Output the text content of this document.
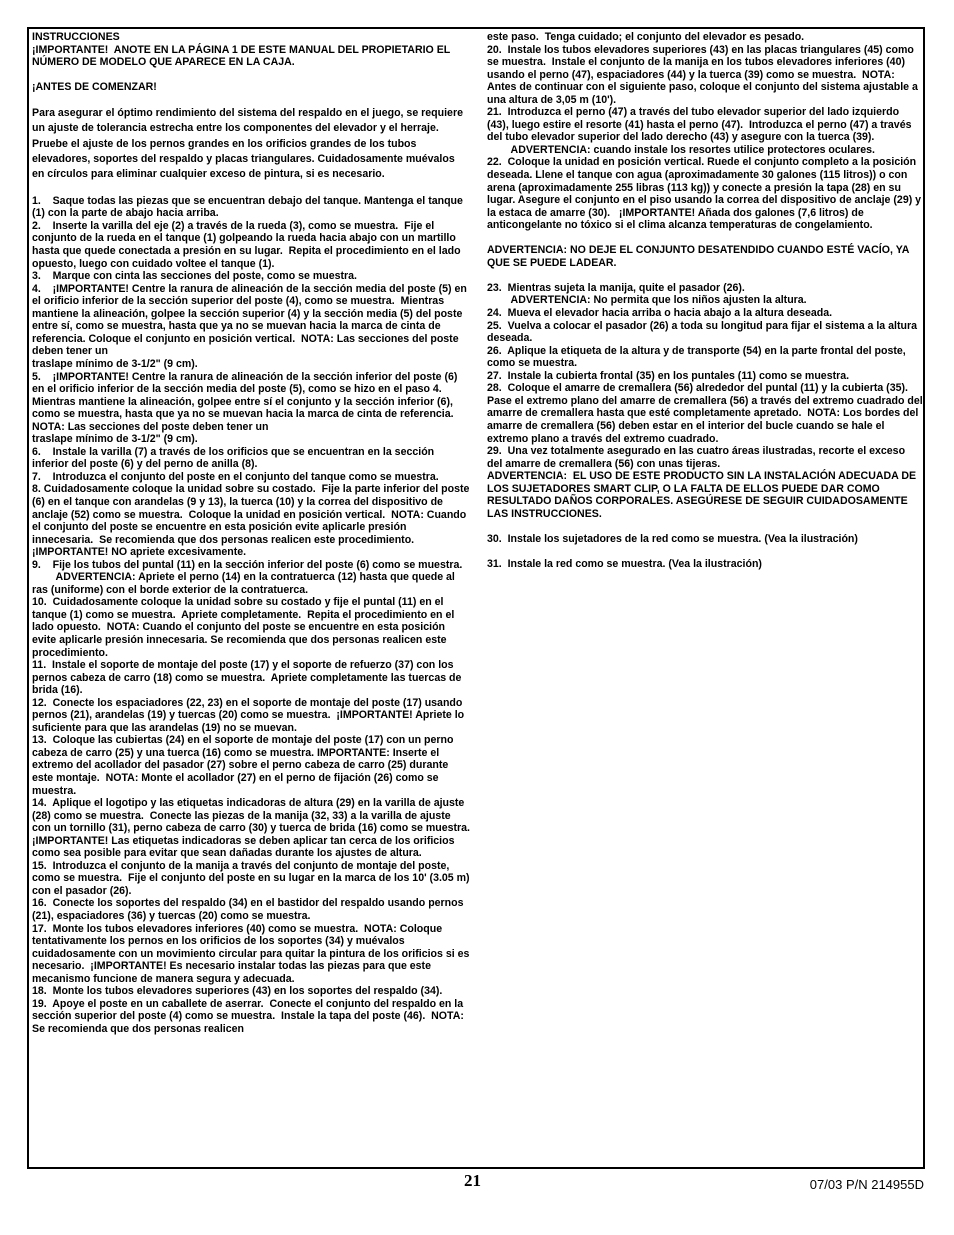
INSTRUCCIONES

¡IMPORTANTE!  ANOTE EN LA PÁGINA 1 DE ESTE MANUAL DEL PROPIETARIO EL NÚMERO DE MODELO QUE APARECE EN LA CAJA.

¡ANTES DE COMENZAR!

Para asegurar el óptimo rendimiento del sistema del respaldo en el juego, se requiere un ajuste de tolerancia estrecha entre los componentes del elevador y el herraje. Pruebe el ajuste de los pernos grandes en los orificios grandes de los tubos elevadores, soportes del respaldo y placas triangulares. Cuidadosamente muévalos en círculos para eliminar cualquier exceso de pintura, si es necesario.

1.    Saque todas las piezas que se encuentran debajo del tanque. Mantenga el tanque (1) con la parte de abajo hacia arriba.

2.    Inserte la varilla del eje (2) a través de la rueda (3), como se muestra.  Fije el conjunto de la rueda en el tanque (1) golpeando la rueda hacia abajo con un martillo hasta que quede conectada a presión en su lugar.  Repita el procedimiento en el lado opuesto, luego con cuidado voltee el tanque (1).

3.    Marque con cinta las secciones del poste, como se muestra.

4.    ¡IMPORTANTE! Centre la ranura de alineación de la sección media del poste (5) en el orificio inferior de la sección superior del poste (4), como se muestra.  Mientras mantiene la alineación, golpee la sección superior (4) y la sección media (5) del poste entre sí, como se muestra, hasta que ya no se muevan hacia la marca de cinta de referencia. Coloque el conjunto en posición vertical.  NOTA: Las secciones del poste deben tener un

traslape mínimo de 3-1/2" (9 cm).

5.    ¡IMPORTANTE! Centre la ranura de alineación de la sección inferior del poste (6) en el orificio inferior de la sección media del poste (5), como se hizo en el paso 4. Mientras mantiene la alineación, golpee entre sí el conjunto y la sección inferior (6), como se muestra, hasta que ya no se muevan hacia la marca de cinta de referencia.  NOTA: Las secciones del poste deben tener un

traslape mínimo de 3-1/2" (9 cm).

6.    Instale la varilla (7) a través de los orificios que se encuentran en la sección inferior del poste (6) y del perno de anilla (8).

7.    Introduzca el conjunto del poste en el conjunto del tanque como se muestra.

8. Cuidadosamente coloque la unidad sobre su costado.  Fije la parte inferior del poste (6) en el tanque con arandelas (9 y 13), la tuerca (10) y la correa del dispositivo de anclaje (52) como se muestra.  Coloque la unidad en posición vertical.  NOTA: Cuando el conjunto del poste se encuentre en esta posición evite aplicarle presión innecesaria.  Se recomienda que dos personas realicen este procedimiento.

¡IMPORTANTE! NO apriete excesivamente.

9.    Fije los tubos del puntal (11) en la sección inferior del poste (6) como se muestra.

ADVERTENCIA: Apriete el perno (14) en la contratuerca (12) hasta que quede al ras (uniforme) con el borde exterior de la contratuerca.

10.  Cuidadosamente coloque la unidad sobre su costado y fije el puntal (11) en el tanque (1) como se muestra.  Apriete completamente.  Repita el procedimiento en el lado opuesto.  NOTA: Cuando el conjunto del poste se encuentre en esta posición evite aplicarle presión innecesaria. Se recomienda que dos personas realicen este procedimiento.

11.  Instale el soporte de montaje del poste (17) y el soporte de refuerzo (37) con los pernos cabeza de carro (18) como se muestra.  Apriete completamente las tuercas de brida (16).

12.  Conecte los espaciadores (22, 23) en el soporte de montaje del poste (17) usando pernos (21), arandelas (19) y tuercas (20) como se muestra.  ¡IMPORTANTE! Apriete lo suficiente para que las arandelas (19) no se muevan.

13.  Coloque las cubiertas (24) en el soporte de montaje del poste (17) con un perno cabeza de carro (25) y una tuerca (16) como se muestra. IMPORTANTE: Inserte el extremo del acollador del pasador (27) sobre el perno cabeza de carro (25) durante este montaje.  NOTA: Monte el acollador (27) en el perno de fijación (26) como se muestra.

14.  Aplique el logotipo y las etiquetas indicadoras de altura (29) en la varilla de ajuste (28) como se muestra.  Conecte las piezas de la manija (32, 33) a la varilla de ajuste con un tornillo (31), perno cabeza de carro (30) y tuerca de brida (16) como se muestra.  ¡IMPORTANTE! Las etiquetas indicadoras se deben aplicar tan cerca de los orificios como sea posible para evitar que sean dañadas durante los ajustes de altura.

15.  Introduzca el conjunto de la manija a través del conjunto de montaje del poste, como se muestra.  Fije el conjunto del poste en su lugar en la marca de los 10' (3.05 m) con el pasador (26).

16.  Conecte los soportes del respaldo (34) en el bastidor del respaldo usando pernos (21), espaciadores (36) y tuercas (20) como se muestra.

17.  Monte los tubos elevadores inferiores (40) como se muestra.  NOTA: Coloque tentativamente los pernos en los orificios de los soportes (34) y muévalos cuidadosamente con un movimiento circular para quitar la pintura de los orificios si es necesario.  ¡IMPORTANTE! Es necesario instalar todas las piezas para que este mecanismo funcione de manera segura y adecuada.

18.  Monte los tubos elevadores superiores (43) en los soportes del respaldo (34).

19.  Apoye el poste en un caballete de aserrar.  Conecte el conjunto del respaldo en la sección superior del poste (4) como se muestra.  Instale la tapa del poste (46).  NOTA: Se recomienda que dos personas realicen

este paso.  Tenga cuidado; el conjunto del elevador es pesado.

20.  Instale los tubos elevadores superiores (43) en las placas triangulares (45) como se muestra.  Instale el conjunto de la manija en los tubos elevadores inferiores (40) usando el perno (47), espaciadores (44) y la tuerca (39) como se muestra.  NOTA: Antes de continuar con el siguiente paso, coloque el conjunto del sistema ajustable a una altura de 3,05 m (10').

21.  Introduzca el perno (47) a través del tubo elevador superior del lado izquierdo (43), luego estire el resorte (41) hasta el perno (47).  Introduzca el perno (47) a través del tubo elevador superior del lado derecho (43) y asegure con la tuerca (39).

ADVERTENCIA: cuando instale los resortes utilice protectores oculares.

22.  Coloque la unidad en posición vertical. Ruede el conjunto completo a la posición deseada. Llene el tanque con agua (aproximadamente 30 galones (115 litros)) o con arena (aproximadamente 255 libras (113 kg)) y conecte a presión la tapa (28) en su lugar. Asegure el conjunto en el piso usando la correa del dispositivo de anclaje (29) y la estaca de amarre (30).   ¡IMPORTANTE! Añada dos galones (7,6 litros) de anticongelante no tóxico si el clima alcanza temperaturas de congelamiento.

ADVERTENCIA: NO DEJE EL CONJUNTO DESATENDIDO CUANDO ESTÉ VACÍO, YA QUE SE PUEDE LADEAR.

23.  Mientras sujeta la manija, quite el pasador (26).

ADVERTENCIA: No permita que los niños ajusten la altura.

24.  Mueva el elevador hacia arriba o hacia abajo a la altura deseada.

25.  Vuelva a colocar el pasador (26) a toda su longitud para fijar el sistema a la altura deseada.

26.  Aplique la etiqueta de la altura y de transporte (54) en la parte frontal del poste, como se muestra.

27.  Instale la cubierta frontal (35) en los puntales (11) como se muestra.

28.  Coloque el amarre de cremallera (56) alrededor del puntal (11) y la cubierta (35).  Pase el extremo plano del amarre de cremallera (56) a través del extremo cuadrado del amarre de cremallera hasta que esté completamente apretado.  NOTA: Los bordes del amarre de cremallera (56) deben estar en el interior del bucle cuando se hale el extremo plano a través del extremo cuadrado.

29.  Una vez totalmente asegurado en las cuatro áreas ilustradas, recorte el exceso del amarre de cremallera (56) con unas tijeras.

ADVERTENCIA:  EL USO DE ESTE PRODUCTO SIN LA INSTALACIÓN ADECUADA DE LOS SUJETADORES SMART CLIP, O LA FALTA DE ELLOS PUEDE DAR COMO RESULTADO DAÑOS CORPORALES. ASEGÚRESE DE SEGUIR CUIDADOSAMENTE LAS INSTRUCCIONES.

30.  Instale los sujetadores de la red como se muestra. (Vea la ilustración)

31.  Instale la red como se muestra. (Vea la ilustración)

21	07/03 P/N 214955D
